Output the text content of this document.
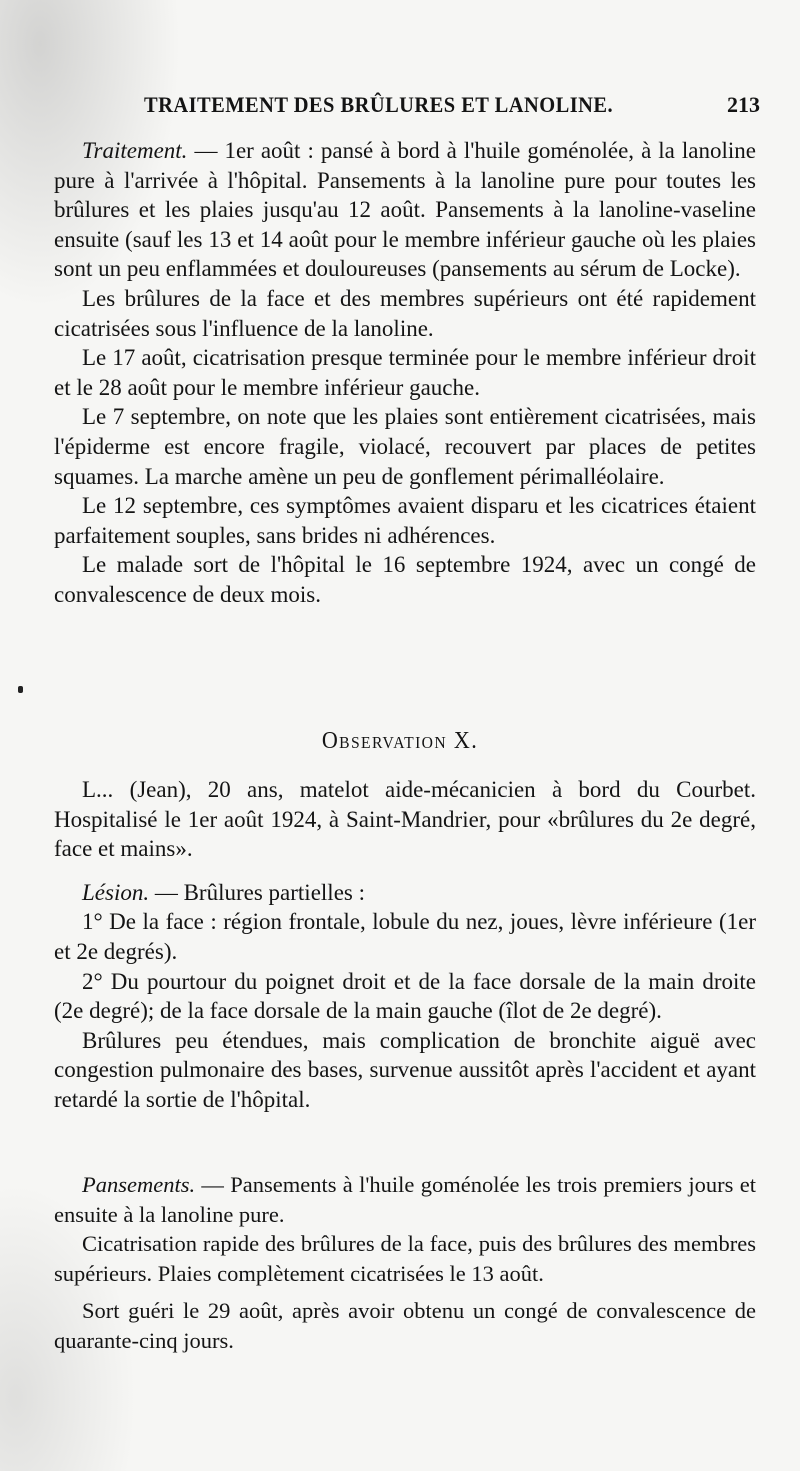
TRAITEMENT DES BRÛLURES ET LANOLINE.	213

Traitement. — 1er août : pansé à bord à l'huile goménolée, à la lanoline pure à l'arrivée à l'hôpital. Pansements à la lanoline pure pour toutes les brûlures et les plaies jusqu'au 12 août. Pansements à la lanoline-vaseline ensuite (sauf les 13 et 14 août pour le membre inférieur gauche où les plaies sont un peu enflammées et douloureuses (pansements au sérum de Locke).

Les brûlures de la face et des membres supérieurs ont été rapidement cicatrisées sous l'influence de la lanoline.

Le 17 août, cicatrisation presque terminée pour le membre inférieur droit et le 28 août pour le membre inférieur gauche.

Le 7 septembre, on note que les plaies sont entièrement cicatrisées, mais l'épiderme est encore fragile, violacé, recouvert par places de petites squames. La marche amène un peu de gonflement périmalléolaire.

Le 12 septembre, ces symptômes avaient disparu et les cicatrices étaient parfaitement souples, sans brides ni adhérences.

Le malade sort de l'hôpital le 16 septembre 1924, avec un congé de convalescence de deux mois.

Observation X.

L... (Jean), 20 ans, matelot aide-mécanicien à bord du Courbet. Hospitalisé le 1er août 1924, à Saint-Mandrier, pour «brûlures du 2e degré, face et mains».

Lésion. — Brûlures partielles :

1° De la face : région frontale, lobule du nez, joues, lèvre inférieure (1er et 2e degrés).

2° Du pourtour du poignet droit et de la face dorsale de la main droite (2e degré); de la face dorsale de la main gauche (îlot de 2e degré).

Brûlures peu étendues, mais complication de bronchite aiguë avec congestion pulmonaire des bases, survenue aussitôt après l'accident et ayant retardé la sortie de l'hôpital.

Pansements. — Pansements à l'huile goménolée les trois premiers jours et ensuite à la lanoline pure.

Cicatrisation rapide des brûlures de la face, puis des brûlures des membres supérieurs. Plaies complètement cicatrisées le 13 août.

Sort guéri le 29 août, après avoir obtenu un congé de convalescence de quarante-cinq jours.
